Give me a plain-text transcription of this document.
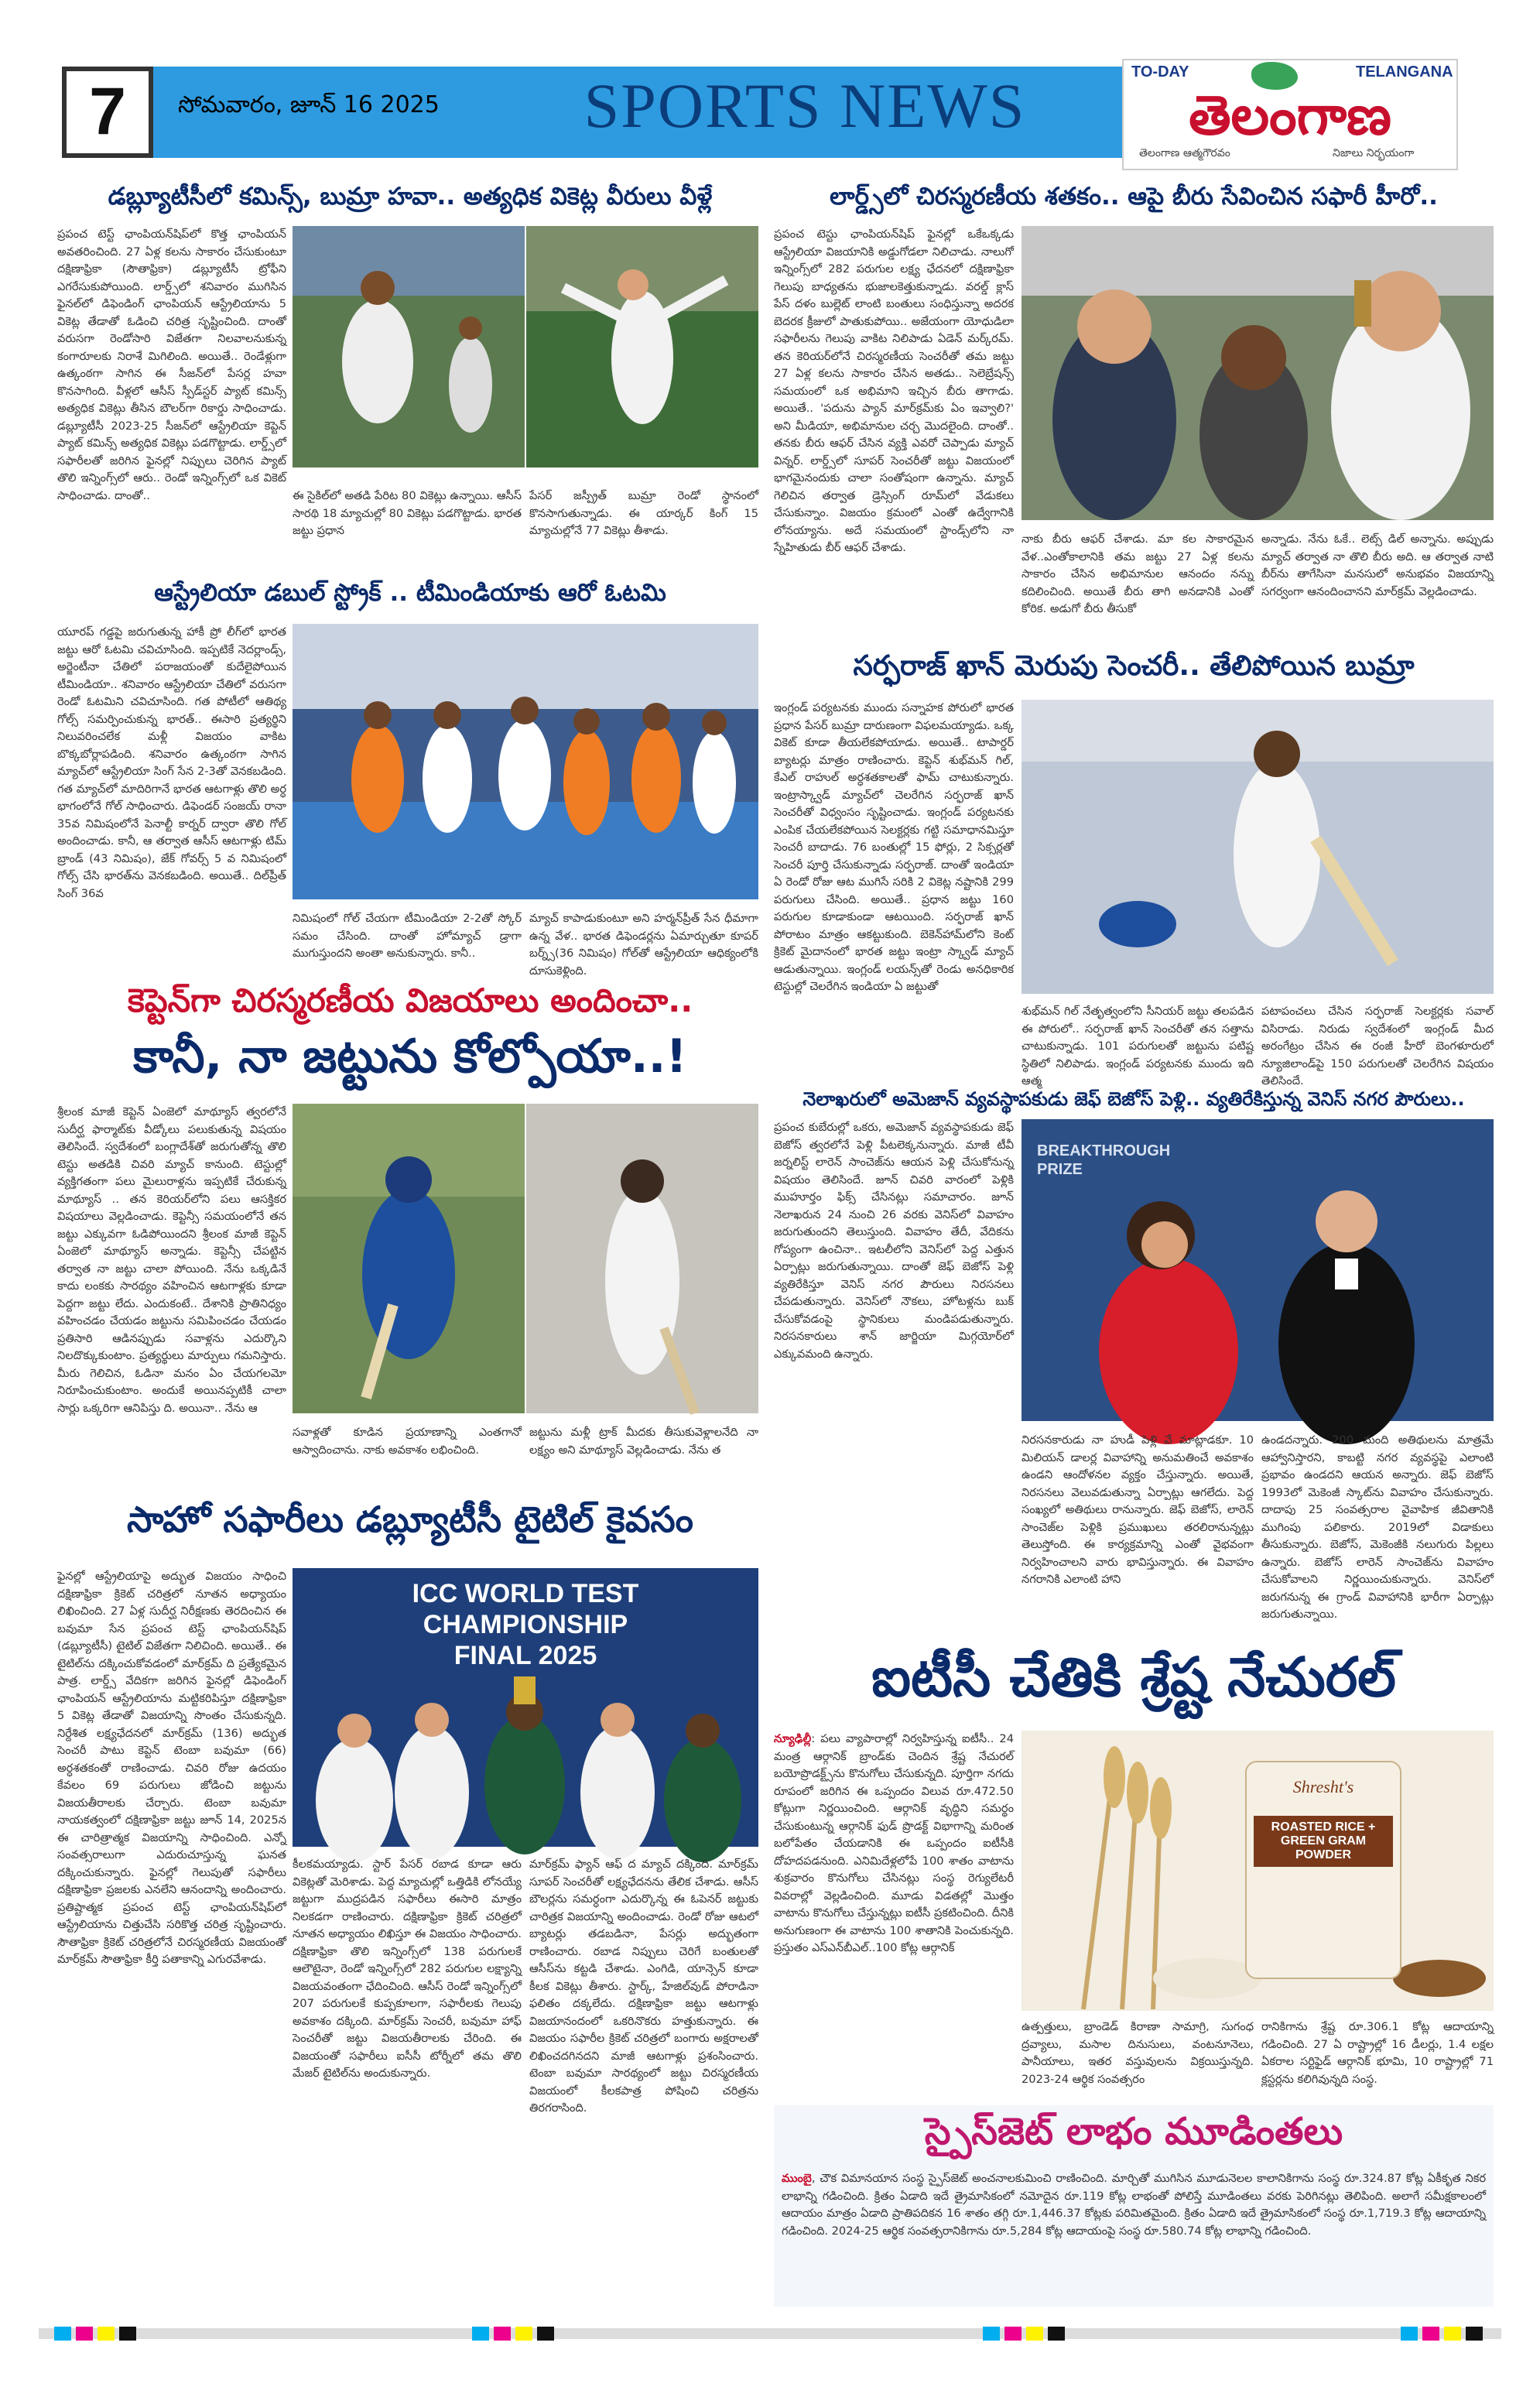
7	సోమవారం, జూన్ 16 2025	SPORTS NEWS	TO-DAY	TELANGANA
తెలంగాణ
తెలంగాణ ఆత్మగౌరవం	నిజాలు నిర్భయంగా
డబ్ల్యూటీసీలో కమిన్స్, బుమ్రా హవా.. అత్యధిక వికెట్ల వీరులు వీళ్లే
ప్రపంచ టెస్ట్ ఛాంపియన్‌షిప్‌లో కొత్త ఛాంపియన్ అవతరించింది. 27 ఏళ్ల కలను సాకారం చేసుకుంటూ దక్షిణాఫ్రికా (సౌతాఫ్రికా) డబ్ల్యూటీసీ ట్రోఫీని ఎగరేసుకుపోయింది. లార్డ్స్‌లో శనివారం ముగిసిన ఫైనల్‌లో డిఫెండింగ్ ఛాంపియన్ ఆస్ట్రేలియాను 5 వికెట్ల తేడాతో ఓడించి చరిత్ర సృష్టించింది. దాంతో వరుసగా రెండోసారి విజేతగా నిలవాలనుకున్న కంగారూలకు నిరాశే మిగిలింది. అయితే.. రెండేళ్లుగా ఉత్కంఠగా సాగిన ఈ సీజన్‌లో పేసర్ల హవా కొనసాగింది. వీళ్లలో ఆసీస్ స్పీడ్‌స్టర్ ప్యాట్ కమిన్స్ అత్యధిక వికెట్లు తీసిన బౌలర్‌గా రికార్డు సాధించాడు. డబ్ల్యూటీసీ 2023-25 సీజన్‌లో ఆస్ట్రేలియా కెప్టెన్ ప్యాట్ కమిన్స్ అత్యధిక వికెట్లు పడగొట్టాడు. లార్డ్స్‌లో సఫారీలతో జరిగిన ఫైనల్లో నిప్పులు చెరిగిన ప్యాట్ తొలి ఇన్నింగ్స్‌లో ఆరు.. రెండో ఇన్నింగ్స్‌లో ఒక వికెట్ సాధించాడు. దాంతో..	ఈ సైకిల్‌లో అతడి పేరిట 80 వికెట్లు ఉన్నాయి. ఆసీస్ సారథి 18 మ్యాచుల్లో 80 వికెట్లు పడగొట్టాడు. భారత జట్టు ప్రధాన
పేసర్ జస్ప్రీత్ బుమ్రా రెండో స్థానంలో కొనసాగుతున్నాడు. ఈ యార్కర్ కింగ్ 15 మ్యాచుల్లోనే 77 వికెట్లు తీశాడు.
ఆస్ట్రేలియా డబుల్ స్ట్రోక్ .. టీమిండియాకు ఆరో ఓటమి
యూరప్ గడ్డపై జరుగుతున్న హాకీ ప్రో లీగ్‌లో భారత జట్టు ఆరో ఓటమి చవిచూసింది. ఇప్పటికే నెదర్లాండ్స్, అర్జెంటీనా చేతిలో పరాజయంతో కుదేలైపోయిన టీమిండియా.. శనివారం ఆస్ట్రేలియా చేతిలో వరుసగా రెండో ఓటమిని చవిచూసింది. గత పోటీలో ఆతిథ్య గోల్స్ సమర్పించుకున్న భారత్.. ఈసారి ప్రత్యర్థిని నిలువరించలేక మళ్లీ విజయం వాకిట బొక్కబోర్లాపడింది. శనివారం ఉత్కంఠగా సాగిన మ్యాచ్‌లో ఆస్ట్రేలియా సింగ్ సేన 2-3తో వెనకబడింది. గత మ్యాచ్‌లో మాదిరిగానే భారత ఆటగాళ్లు తొలి అర్ధ భాగంలోనే గోల్ సాధించారు. డిఫెండర్ సంజయ్ రానా 35వ నిమిషంలోనే పెనాల్టీ కార్నర్ ద్వారా తొలి గోల్ అందించాడు. కానీ, ఆ తర్వాత ఆసీస్ ఆటగాళ్లు టిమ్ బ్రాండ్ (43 నిమిషం), జేక్ గోవర్స్ 5 వ నిమిషంలో గోల్స్ చేసి భారత్‌ను వెనకబడింది. అయితే.. దిల్‌ప్రీత్ సింగ్ 36వ
నిమిషంలో గోల్ చేయగా టీమిండియా 2-2తో స్కోర్ సమం చేసింది. దాంతో హోమ్యాచ్ డ్రాగా ముగుస్తుందని అంతా అనుకున్నారు. కానీ..
మ్యాచ్ కాపాడుకుంటూ అని హర్మన్‌ప్రీత్ సేన ధీమాగా ఉన్న వేళ.. భారత డిఫెండర్లను ఏమార్చుతూ కూపర్ బర్న్స్(36 నిమిషం) గోల్‌తో ఆస్ట్రేలియా ఆధిక్యంలోకి దూసుకెళ్లింది.
కెప్టెన్‌గా చిరస్మరణీయ విజయాలు అందించా..
కానీ, నా జట్టును కోల్పోయా..!
శ్రీలంక మాజీ కెప్టెన్ ఏంజెలో మాథ్యూస్ త్వరలోనే సుదీర్ఘ ఫార్మాట్‌కు వీడ్కోలు పలుకుతున్న విషయం తెలిసిందే. స్వదేశంలో బంగ్లాదేశ్‌తో జరుగుతోన్న తొలి టెస్టు అతడికి చివరి మ్యాచ్ కానుంది. టెస్టుల్లో వ్యక్తిగతంగా పలు మైలురాళ్లను ఇప్పటికే చేరుకున్న మాథ్యూస్ .. తన కెరియర్‌లోని పలు ఆసక్తికర విషయాలు వెల్లడించాడు. కెప్టెన్సీ సమయంలోనే తన జట్టు ఎక్కువగా ఓడిపోయిందని శ్రీలంక మాజీ కెప్టెన్ ఏంజెలో మాథ్యూస్ అన్నాడు. కెప్టెన్సీ చేపట్టిన తర్వాత నా జట్టు చాలా పోయింది. నేను ఒక్కడినే కాదు లంకకు సారథ్యం వహించిన ఆటగాళ్లకు కూడా పెద్దగా జట్టు లేదు. ఎందుకంటే.. దేశానికి ప్రాతినిధ్యం వహించడం చేయడం జట్టును సమిపించడం చేయడం ప్రతిసారి ఆడినప్పుడు సవాళ్లను ఎదుర్కొని నిలదొక్కుకుంటాం. ప్రత్యర్థులు మార్పులు గమనిస్తారు. మీరు గెలిచిన, ఓడినా మనం ఏం చేయగలమో నిరూపించుకుంటాం. అందుకే అయినప్పటికీ చాలా సార్లు ఒక్కరిగా ఆనిపిస్తు ది. అయినా.. నేను ఆ
సవాళ్లతో కూడిన ప్రయాణాన్ని ఎంతగానో ఆస్వాదించాను. నాకు అవకాశం లభించింది.
జట్టును మళ్లీ ట్రాక్ మీదకు తీసుకువెళ్లాలనేది నా లక్ష్యం అని మాథ్యూస్ వెల్లడించాడు. నేను త
సాహో సఫారీలు డబ్ల్యూటీసీ టైటిల్ కైవసం
ఫైనల్లో ఆస్ట్రేలియాపై అద్భుత విజయం సాధించి దక్షిణాఫ్రికా క్రికెట్ చరిత్రలో నూతన అధ్యాయం లిఖించింది. 27 ఏళ్ల సుదీర్ఘ నిరీక్షణకు తెరదించిన ఈ బవుమా సేన ప్రపంచ టెస్ట్ ఛాంపియన్‌షిప్ (డబ్ల్యూటీసీ) టైటిల్ విజేతగా నిలిచింది. అయితే.. ఈ టైటిల్‌ను దక్కించుకోవడంలో మార్‌క్రమ్ ది ప్రత్యేకమైన పాత్ర. లార్డ్స్ వేదికగా జరిగిన ఫైనల్లో డిఫెండింగ్ ఛాంపియన్ ఆస్ట్రేలియాను మట్టికరిపిస్తూ దక్షిణాఫ్రికా 5 వికెట్ల తేడాతో విజయాన్ని సొంతం చేసుకున్నది. నిర్దేశిత లక్ష్యఛేదనలో మార్‌క్రమ్ (136) అద్భుత సెంచరీ పాటు కెప్టెన్ టెంబా బవుమా (66) అర్ధశతకంతో రాణించాడు. చివరి రోజు ఉదయం కేవలం 69 పరుగులు జోడించి జట్టును విజయతీరాలకు చేర్చారు. టెంబా బవుమా నాయకత్వంలో దక్షిణాఫ్రికా జట్టు జూన్ 14, 2025న ఈ చారిత్రాత్మక విజయాన్ని సాధించింది. ఎన్నో సంవత్సరాలుగా ఎదురుచూస్తున్న ఘనత దక్కించుకున్నారు. ఫైనల్లో గెలుపుతో సఫారీలు దక్షిణాఫ్రికా ప్రజలకు ఎనలేని ఆనందాన్ని అందించారు. ప్రతిష్టాత్మక ప్రపంచ టెస్ట్ ఛాంపియన్‌షిప్‌లో ఆస్ట్రేలియాను చిత్తుచేసి సరికొత్త చరిత్ర సృష్టించారు. సౌతాఫ్రికా క్రికెట్ చరిత్రలోనే చిరస్మరణీయ విజయంతో మార్‌క్రమ్ సౌతాఫ్రికా కీర్తి పతాకాన్ని ఎగురవేశాడు.
ICC WORLD TEST
CHAMPIONSHIP
FINAL 2025
కీలకమయ్యాడు. స్టార్ పేసర్ రబాడ కూడా ఆరు వికెట్లతో మెరిశాడు. పెద్ద మ్యాచుల్లో ఒత్తిడికి లోనయ్యే జట్టుగా ముద్రపడిన సఫారీలు ఈసారి మాత్రం నిలకడగా రాణించారు. దక్షిణాఫ్రికా క్రికెట్ చరిత్రలో నూతన అధ్యాయం లిఖిస్తూ ఈ విజయం సాధించారు. దక్షిణాఫ్రికా తొలి ఇన్నింగ్స్‌లో 138 పరుగులకే ఆలౌటైనా, రెండో ఇన్నింగ్స్‌లో 282 పరుగుల లక్ష్యాన్ని విజయవంతంగా ఛేదించింది. ఆసీస్ రెండో ఇన్నింగ్స్‌లో 207 పరుగులకే కుప్పకూలగా, సఫారీలకు గెలుపు అవకాశం దక్కింది. మార్‌క్రమ్ సెంచరీ, బవుమా హాఫ్ సెంచరీతో జట్టు విజయతీరాలకు చేరింది. ఈ విజయంతో సఫారీలు ఐసీసీ టోర్నీలో తమ తొలి మేజర్ టైటిల్‌ను అందుకున్నారు.
మార్‌క్రమ్ ఫ్యాన్ ఆఫ్ ద మ్యాచ్ దక్కింది. మార్‌క్రమ్ సూపర్ సెంచరీతో లక్ష్యఛేదనను తేలిక చేశాడు. ఆసీస్ బౌలర్లను సమర్ధంగా ఎదుర్కొన్న ఈ ఓపెనర్ జట్టుకు చారిత్రక విజయాన్ని అందించాడు. రెండో రోజు ఆటలో బ్యాటర్లు తడబడినా, పేసర్లు అద్భుతంగా రాణించారు. రబాడ నిప్పులు చెరిగే బంతులతో ఆసీస్‌ను కట్టడి చేశాడు. ఎంగిడి, యాన్సెన్ కూడా కీలక వికెట్లు తీశారు. స్టార్క్, హేజిల్‌వుడ్ పోరాడినా ఫలితం దక్కలేదు. దక్షిణాఫ్రికా జట్టు ఆటగాళ్లు విజయానందంలో ఒకరినొకరు హత్తుకున్నారు. ఈ విజయం సఫారీల క్రికెట్ చరిత్రలో బంగారు అక్షరాలతో లిఖించదగినదని మాజీ ఆటగాళ్లు ప్రశంసించారు. టెంబా బవుమా సారథ్యంలో జట్టు చిరస్మరణీయ విజయంలో కీలకపాత్ర పోషించి చరిత్రను తిరగరాసింది.
లార్డ్స్‌లో చిరస్మరణీయ శతకం.. ఆపై బీరు సేవించిన సఫారీ హీరో..
ప్రపంచ టెస్టు ఛాంపియన్‌షిప్ ఫైనల్లో ఒకేఒక్కడు ఆస్ట్రేలియా విజయానికి అడ్డుగోడలా నిలిచాడు. నాలుగో ఇన్నింగ్స్‌లో 282 పరుగుల లక్ష్య ఛేదనలో దక్షిణాఫ్రికా గెలుపు బాధ్యతను భుజాలకెత్తుకున్నాడు. వరల్డ్ క్లాస్ పేస్ దళం బుల్లెట్ లాంటి బంతులు సంధిస్తున్నా అదరక బెదరక క్రీజులో పాతుకుపోయి.. అజేయంగా యోధుడిలా సఫారీలను గెలుపు వాకిట నిలిపాడు ఏడెన్ మర్క్‌రమ్. తన కెరియర్‌లోనే చిరస్మరణీయ సెంచరీతో తమ జట్టు 27 ఏళ్ల కలను సాకారం చేసిన అతడు.. సెలెబ్రేషన్స్ సమయంలో ఒక అభిమాని ఇచ్చిన బీరు తాగాడు. అయితే.. 'పదును ప్యాన్ మార్‌క్రమ్‌కు ఏం ఇవ్వాలి?' అని మీడియా, అభిమానుల చర్చ మొదలైంది. దాంతో.. తనకు బీరు ఆఫర్ చేసిన వ్యక్తి ఎవరో చెప్పాడు మ్యాచ్ విన్నర్. లార్డ్స్‌లో సూపర్ సెంచరీతో జట్టు విజయంలో భాగమైనందుకు చాలా సంతోషంగా ఉన్నాను. మ్యాచ్ గెలిచిన తర్వాత డ్రెస్సింగ్ రూమ్‌లో వేడుకలు చేసుకున్నాం. విజయం క్రమంలో ఎంతో ఉద్వేగానికి లోనయ్యాను. అదే సమయంలో స్టాండ్స్‌లోని నా స్నేహితుడు బీర్ ఆఫర్ చేశాడు.
నాకు బీరు ఆఫర్ చేశాడు. మా కల సాకారమైన వేళ..ఎంతోకాలానికి తమ జట్టు 27 ఏళ్ల కలను సాకారం చేసిన అభిమానుల ఆనందం నన్ను కదిలించింది. అయితే బీరు తాగి అనడానికి ఎంతో కోరిక. అడుగో బీరు తీసుకో
అన్నాడు. నేను ఓకే.. లెట్స్ డిల్ అన్నాను. అప్పుడు మ్యాచ్ తర్వాత నా తొలి బీరు అది. ఆ తర్వాత నాటి బీర్‌ను తాగేసినా మనసులో అనుభవం విజయాన్ని సగర్వంగా ఆనందించానని మార్‌క్రమ్ వెల్లడించాడు.
సర్ఫరాజ్ ఖాన్ మెరుపు సెంచరీ.. తేలిపోయిన బుమ్రా
ఇంగ్లండ్ పర్యటనకు ముందు సన్నాహక పోరులో భారత ప్రధాన పేసర్ బుమ్రా దారుణంగా విఫలమయ్యాడు. ఒక్క వికెట్ కూడా తీయలేకపోయాడు. అయితే.. టాపార్డర్ బ్యాటర్లు మాత్రం రాణించారు. కెప్టెన్ శుభ్‌మన్ గిల్, కేఎల్ రాహుల్ అర్ధశతకాలతో ఫామ్ చాటుకున్నారు. ఇంట్రాస్క్వాడ్ మ్యాచ్‌లో చెలరేగిన సర్ఫరాజ్ ఖాన్ సెంచరీతో విధ్వంసం సృష్టించాడు. ఇంగ్లండ్ పర్యటనకు ఎంపిక చేయలేకపోయిన సెలక్టర్లకు గట్టి సమాధానమిస్తూ సెంచరీ బాదాడు. 76 బంతుల్లో 15 ఫోర్లు, 2 సిక్సర్లతో సెంచరీ పూర్తి చేసుకున్నాడు సర్ఫరాజ్. దాంతో ఇండియా ఏ రెండో రోజు ఆట ముగిసే సరికి 2 వికెట్ల నష్టానికి 299 పరుగులు చేసింది. అయితే.. ప్రధాన జట్టు 160 పరుగుల కూడాకుండా ఆటయింది. సర్ఫరాజ్ ఖాన్ పోరాటం మాత్రం ఆకట్టుకుంది. బెకెన్‌హామ్‌లోని కెంట్ క్రికెట్ మైదానంలో భారత జట్టు ఇంట్రా స్క్వాడ్ మ్యాచ్ ఆడుతున్నాయి. ఇంగ్లండ్ లయన్స్‌తో రెండు అనధికారిక టెస్టుల్లో చెలరేగిన ఇండియా ఏ జట్టుతో
శుభ్‌మన్ గిల్ నేతృత్వంలోని సీనియర్ జట్టు తలపడిన ఈ పోరులో.. సర్ఫరాజ్ ఖాన్ సెంచరీతో తన సత్తాను చాటుకున్నాడు. 101 పరుగులతో జట్టును పటిష్ట స్థితిలో నిలిపాడు. ఇంగ్లండ్ పర్యటనకు ముందు ఇది ఆత్మ
పటాపంచలు చేసిన సర్ఫరాజ్ సెలక్టర్లకు సవాల్ విసిరాడు. నిరుడు స్వదేశంలో ఇంగ్లండ్ మీద అరంగేట్రం చేసిన ఈ రంజీ హీరో బెంగళూరులో న్యూజిలాండ్‌పై 150 పరుగులతో చెలరేగిన విషయం తెలిసిందే.
నెలాఖరులో అమెజాన్ వ్యవస్థాపకుడు జెఫ్ బెజోస్ పెళ్లి.. వ్యతిరేకిస్తున్న వెనిస్ నగర పౌరులు..
ప్రపంచ కుబేరుల్లో ఒకరు, అమెజాన్ వ్యవస్థాపకుడు జెఫ్ బెజోస్ త్వరలోనే పెళ్లి పీటలెక్కనున్నారు. మాజీ టీవీ జర్నలిస్ట్ లారెన్ సాంచెజ్‌ను ఆయన పెళ్లి చేసుకోనున్న విషయం తెలిసిందే. జూన్ చివరి వారంలో పెళ్లికి ముహూర్తం ఫిక్స్ చేసినట్లు సమాచారం. జూన్ నెలాఖరున 24 నుంచి 26 వరకు వెనిస్‌లో వివాహం జరుగుతుందని తెలుస్తుంది. వివాహం తేదీ, వేదికను గోప్యంగా ఉంచినా.. ఇటలీలోని వెనిస్‌లో పెద్ద ఎత్తున ఏర్పాట్లు జరుగుతున్నాయి. దాంతో జెఫ్ బెజోస్ పెళ్లి వ్యతిరేకిస్తూ వెనిస్ నగర పౌరులు నిరసనలు చేపడుతున్నారు. వెనిస్‌లో నౌకలు, హోటళ్లను బుక్ చేసుకోవడంపై స్థానికులు మండిపడుతున్నారు. నిరసనకారులు శాన్ జార్జియా మిగ్గయోర్‌లో ఎక్కువమంది ఉన్నారు.
BREAKTHROUGH
PRIZE
నిరసనకారుడు నా హుడీ పెళ్లి వే మాట్లాడకూ. 10 మిలియన్ డాలర్ల వివాహాన్ని అనుమతించే అవకాశం ఉండని ఆందోళనల వ్యక్తం చేస్తున్నారు. అయితే, నిరసనలు వెలువడుతున్నా ఏర్పాట్లు ఆగలేదు. పెద్ద సంఖ్యలో అతిథులు రానున్నారు. జెఫ్ బెజోస్, లారెన్ సాంచెజ్‌ల పెళ్లికి ప్రముఖులు తరలిరానున్నట్లు తెలుస్తోంది. ఈ కార్యక్రమాన్ని ఎంతో వైభవంగా నిర్వహించాలని వారు భావిస్తున్నారు. ఈ వివాహం నగరానికి ఎలాంటి హాని
ఉండదన్నారు. 200 మంది అతిథులను మాత్రమే ఆహ్వానిస్తారని, కాబట్టి నగర వ్యవస్థపై ఎలాంటి ప్రభావం ఉండదని ఆయన అన్నారు. జెఫ్ బెజోస్ 1993లో మెకెంజీ స్కాట్‌ను వివాహం చేసుకున్నారు. దాదాపు 25 సంవత్సరాల వైవాహిక జీవితానికి ముగింపు పలికారు. 2019లో విడాకులు తీసుకున్నారు. బెజోస్, మెకెంజీకి నలుగురు పిల్లలు ఉన్నారు. బెజోస్ లారెన్ సాంచెజ్‌ను వివాహం చేసుకోవాలని నిర్ణయించుకున్నారు. వెనిస్‌లో జరుగనున్న ఈ గ్రాండ్ వివాహానికి భారీగా ఏర్పాట్లు జరుగుతున్నాయి.
ఐటీసీ చేతికి శ్రేష్ట నేచురల్
న్యూఢిల్లీ: పలు వ్యాపారాల్లో నిర్వహిస్తున్న ఐటీసీ.. 24 మంత్ర ఆర్గానిక్ బ్రాండ్‌కు చెందిన శ్రేష్ట నేచురల్ బయోప్రొడక్ట్స్‌ను కొనుగోలు చేసుకున్నది. పూర్తిగా నగదు రూపంలో జరిగిన ఈ ఒప్పందం విలువ రూ.472.50 కోట్లుగా నిర్ణయించింది. ఆర్గానిక్ వృద్ధిని సమర్థం చేసుకుంటున్న ఆర్గానిక్ ఫుడ్ ప్రొడక్ట్ విభాగాన్ని మరింత బలోపేతం చేయడానికి ఈ ఒప్పందం ఐటీసీకి దోహదపడనుంది. ఎనిమిదేళ్లలోపే 100 శాతం వాటాను శుక్రవారం కొనుగోలు చేసినట్లు సంస్థ రెగ్యులేటరీ వివరాల్లో వెల్లడించింది. మూడు విడతల్లో మొత్తం వాటాను కొనుగోలు చేస్తున్నట్లు ఐటీసీ ప్రకటించింది. దీనికి అనుగుణంగా ఈ వాటాను 100 శాతానికి పెంచుకున్నది. ప్రస్తుతం ఎస్‌ఎన్‌బీఎల్..100 కోట్ల ఆర్గానిక్
Shresht's
ROASTED RICE + GREEN GRAM POWDER
ఉత్పత్తులు, బ్రాండెడ్ కిరాణా సామాగ్రి, సుగంధ ద్రవ్యాలు, మసాల దినుసులు, వంటనూనెలు, పానీయాలు, ఇతర వస్తువులను విక్రయిస్తున్నది. 2023-24 ఆర్థిక సంవత్సరం
రానికిగాను శ్రేష్ట రూ.306.1 కోట్ల ఆదాయాన్ని గడించింది. 27 ఏ రాష్ట్రాల్లో 16 డీలర్లు, 1.4 లక్షల ఏకరాల సర్టిఫైడ్ ఆర్గానిక్ భూమి, 10 రాష్ట్రాల్లో 71 క్లస్టర్లను కలిగివున్నది సంస్థ.
స్పైస్‌జెట్ లాభం మూడింతలు
ముంబై, చౌక విమానయాన సంస్థ స్పైస్‌జెట్ అంచనాలకుమించి రాణించింది. మార్చితో ముగిసిన మూడునెలల కాలానికిగాను సంస్థ రూ.324.87 కోట్ల ఏకీకృత నికర లాభాన్ని గడించింది. క్రితం ఏడాది ఇదే త్రైమాసికంలో నమోదైన రూ.119 కోట్ల లాభంతో పోలిస్తే మూడింతలు వరకు పెరిగినట్లు తెలిపింది. అలాగే సమీక్షకాలంలో ఆదాయం మాత్రం ఏడాది ప్రాతిపదికన 16 శాతం తగ్గి రూ.1,446.37 కోట్లకు పరిమితమైంది. క్రితం ఏడాది ఇదే త్రైమాసికంలో సంస్థ రూ.1,719.3 కోట్ల ఆదాయాన్ని గడించింది. 2024-25 ఆర్థిక సంవత్సరానికిగాను రూ.5,284 కోట్ల ఆదాయంపై సంస్థ రూ.580.74 కోట్ల లాభాన్ని గడించింది.
